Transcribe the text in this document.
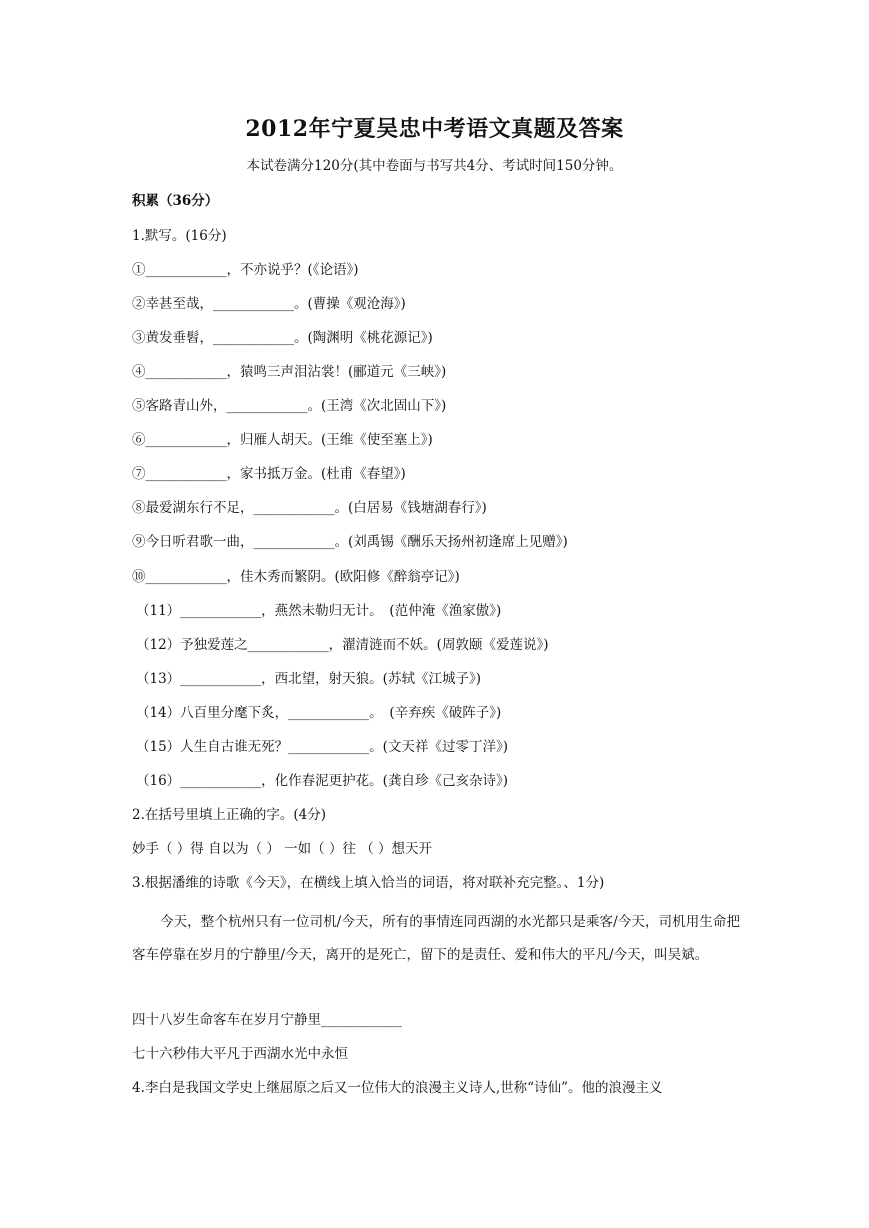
2012年宁夏吴忠中考语文真题及答案
本试卷满分120分(其中卷面与书写共4分、考试时间150分钟。
积累（36分）
1.默写。(16分)
①____________，不亦说乎？(《论语》)
②幸甚至哉，____________。(曹操《观沧海》)
③黄发垂髫，____________。(陶渊明《桃花源记》)
④____________，猿鸣三声泪沾裳！(郦道元《三峡》)
⑤客路青山外，____________。(王湾《次北固山下》)
⑥____________，归雁人胡天。(王维《使至塞上》)
⑦____________，家书抵万金。(杜甫《春望》)
⑧最爱湖东行不足，____________。(白居易《钱塘湖春行》)
⑨今日听君歌一曲，____________。(刘禹锡《酬乐天扬州初逢席上见赠》)
⑩____________，佳木秀而繁阴。(欧阳修《醉翁亭记》)
（11）____________，燕然未勒归无计。　(范仲淹《渔家傲》)
（12）予独爱莲之____________，濯清涟而不妖。(周敦颐《爱莲说》)
（13）____________，西北望，射天狼。(苏轼《江城子》)
（14）八百里分麾下炙，____________。　(辛弃疾《破阵子》)
（15）人生自古谁无死？____________。(文天祥《过零丁洋》)
（16）____________，化作春泥更护花。(龚自珍《己亥杂诗》)
2.在括号里填上正确的字。(4分)
妙手（ ）得 自以为（ ） 一如（ ）往 （ ）想天开
3.根据潘维的诗歌《今天》，在横线上填入恰当的词语，将对联补充完整。、1分)
今天，整个杭州只有一位司机/今天，所有的事情连同西湖的水光都只是乘客/今天，司机用生命把客车停靠在岁月的宁静里/今天，离开的是死亡，留下的是责任、爱和伟大的平凡/今天，叫吴斌。
四十八岁生命客车在岁月宁静里____________
七十六秒伟大平凡于西湖水光中永恒
4.李白是我国文学史上继屈原之后又一位伟大的浪漫主义诗人,世称“诗仙”。他的浪漫主义
